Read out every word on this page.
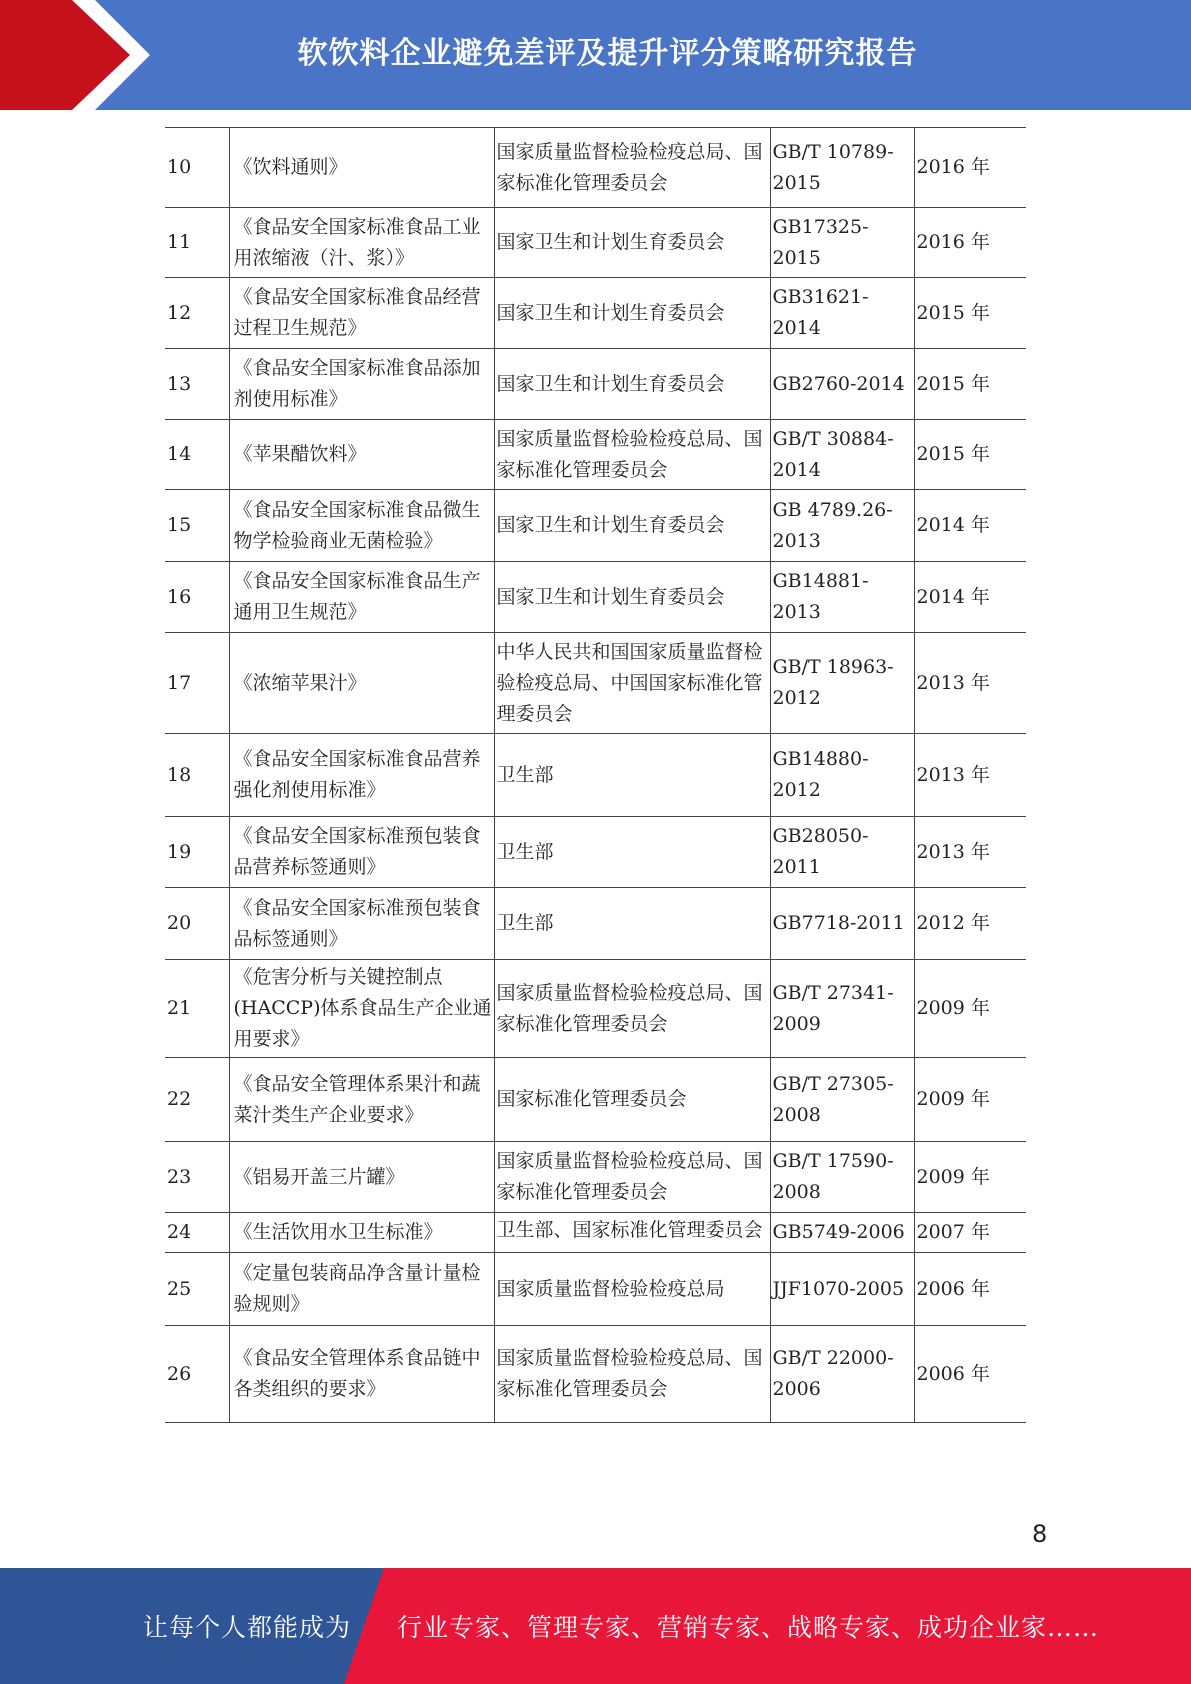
软饮料企业避免差评及提升评分策略研究报告
10	《饮料通则》	国家质量监督检验检疫总局、国家标准化管理委员会	GB/T 10789-2015	2016 年
11	《食品安全国家标准食品工业用浓缩液（汁、浆）》	国家卫生和计划生育委员会	GB17325-2015	2016 年
12	《食品安全国家标准食品经营过程卫生规范》	国家卫生和计划生育委员会	GB31621-2014	2015 年
13	《食品安全国家标准食品添加剂使用标准》	国家卫生和计划生育委员会	GB2760-2014	2015 年
14	《苹果醋饮料》	国家质量监督检验检疫总局、国家标准化管理委员会	GB/T 30884-2014	2015 年
15	《食品安全国家标准食品微生物学检验商业无菌检验》	国家卫生和计划生育委员会	GB 4789.26-2013	2014 年
16	《食品安全国家标准食品生产通用卫生规范》	国家卫生和计划生育委员会	GB14881-2013	2014 年
17	《浓缩苹果汁》	中华人民共和国国家质量监督检验检疫总局、中国国家标准化管理委员会	GB/T 18963-2012	2013 年
18	《食品安全国家标准食品营养强化剂使用标准》	卫生部	GB14880-2012	2013 年
19	《食品安全国家标准预包装食品营养标签通则》	卫生部	GB28050-2011	2013 年
20	《食品安全国家标准预包装食品标签通则》	卫生部	GB7718-2011	2012 年
21	《危害分析与关键控制点(HACCP)体系食品生产企业通用要求》	国家质量监督检验检疫总局、国家标准化管理委员会	GB/T 27341-2009	2009 年
22	《食品安全管理体系果汁和蔬菜汁类生产企业要求》	国家标准化管理委员会	GB/T 27305-2008	2009 年
23	《铝易开盖三片罐》	国家质量监督检验检疫总局、国家标准化管理委员会	GB/T 17590-2008	2009 年
24	《生活饮用水卫生标准》	卫生部、国家标准化管理委员会	GB5749-2006	2007 年
25	《定量包装商品净含量计量检验规则》	国家质量监督检验检疫总局	JJF1070-2005	2006 年
26	《食品安全管理体系食品链中各类组织的要求》	国家质量监督检验检疫总局、国家标准化管理委员会	GB/T 22000-2006	2006 年
8
让每个人都能成为 行业专家、管理专家、营销专家、战略专家、成功企业家……
